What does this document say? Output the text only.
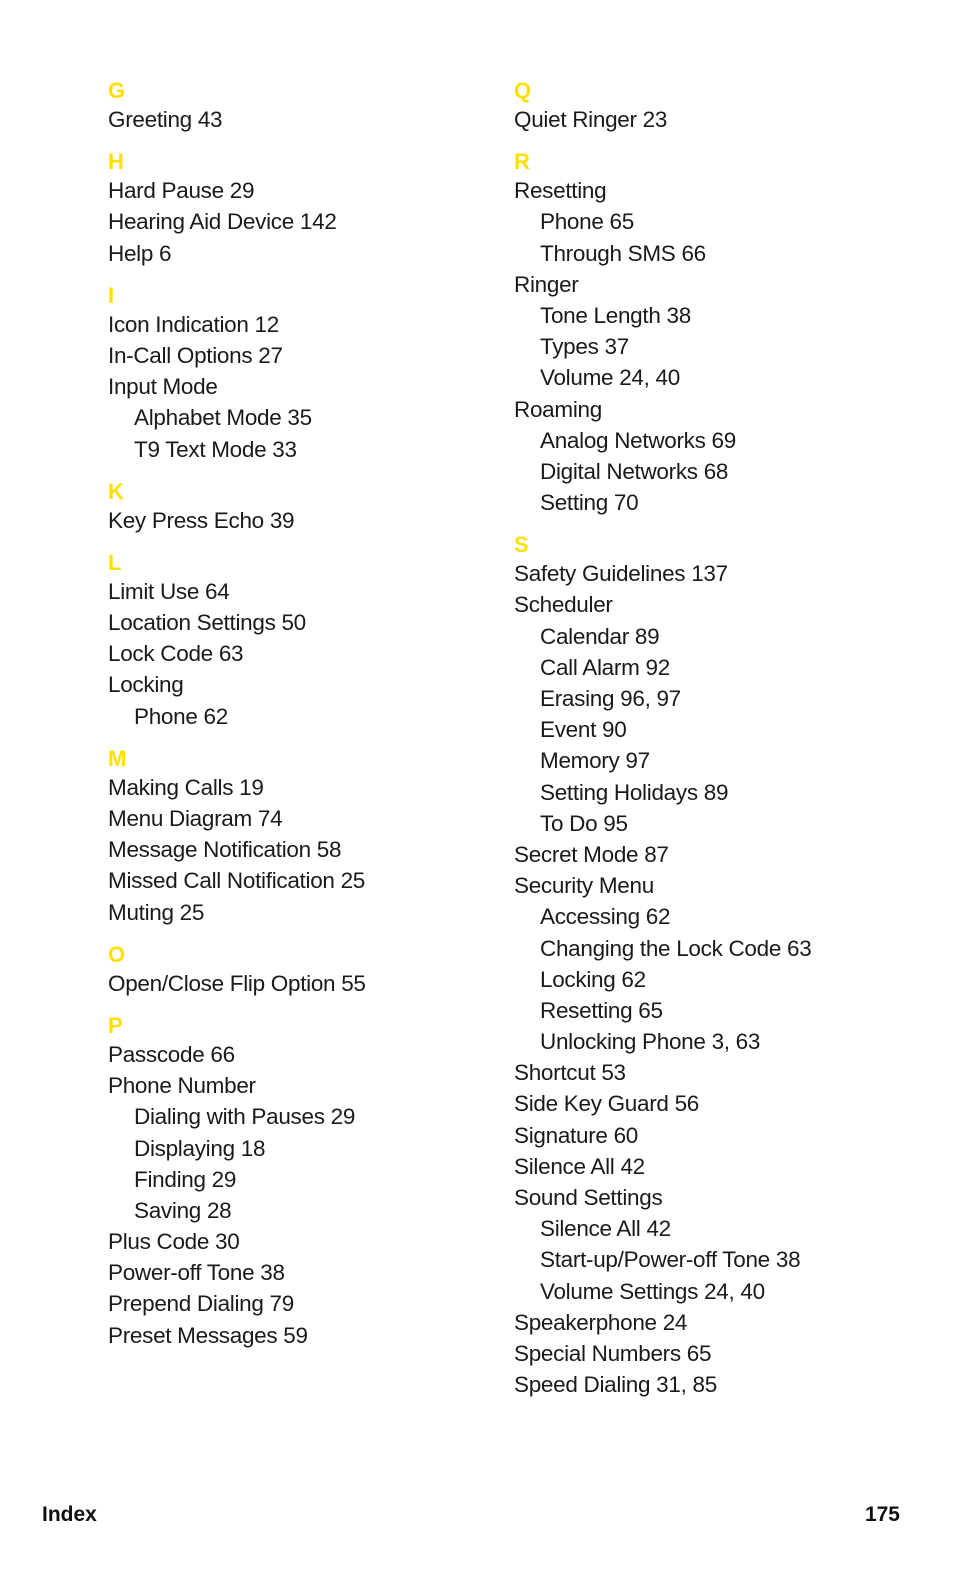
G
Greeting 43
H
Hard Pause 29
Hearing Aid Device 142
Help 6
I
Icon Indication 12
In-Call Options 27
Input Mode
Alphabet Mode 35
T9 Text Mode 33
K
Key Press Echo 39
L
Limit Use 64
Location Settings 50
Lock Code 63
Locking
Phone 62
M
Making Calls 19
Menu Diagram 74
Message Notification 58
Missed Call Notification 25
Muting 25
O
Open/Close Flip Option 55
P
Passcode 66
Phone Number
Dialing with Pauses 29
Displaying 18
Finding 29
Saving 28
Plus Code 30
Power-off Tone 38
Prepend Dialing 79
Preset Messages 59
Q
Quiet Ringer 23
R
Resetting
Phone 65
Through SMS 66
Ringer
Tone Length 38
Types 37
Volume 24, 40
Roaming
Analog Networks 69
Digital Networks 68
Setting 70
S
Safety Guidelines 137
Scheduler
Calendar 89
Call Alarm 92
Erasing 96, 97
Event 90
Memory 97
Setting Holidays 89
To Do 95
Secret Mode 87
Security Menu
Accessing 62
Changing the Lock Code 63
Locking 62
Resetting 65
Unlocking Phone 3, 63
Shortcut 53
Side Key Guard 56
Signature 60
Silence All 42
Sound Settings
Silence All 42
Start-up/Power-off Tone 38
Volume Settings 24, 40
Speakerphone 24
Special Numbers 65
Speed Dialing 31, 85
Index	175
